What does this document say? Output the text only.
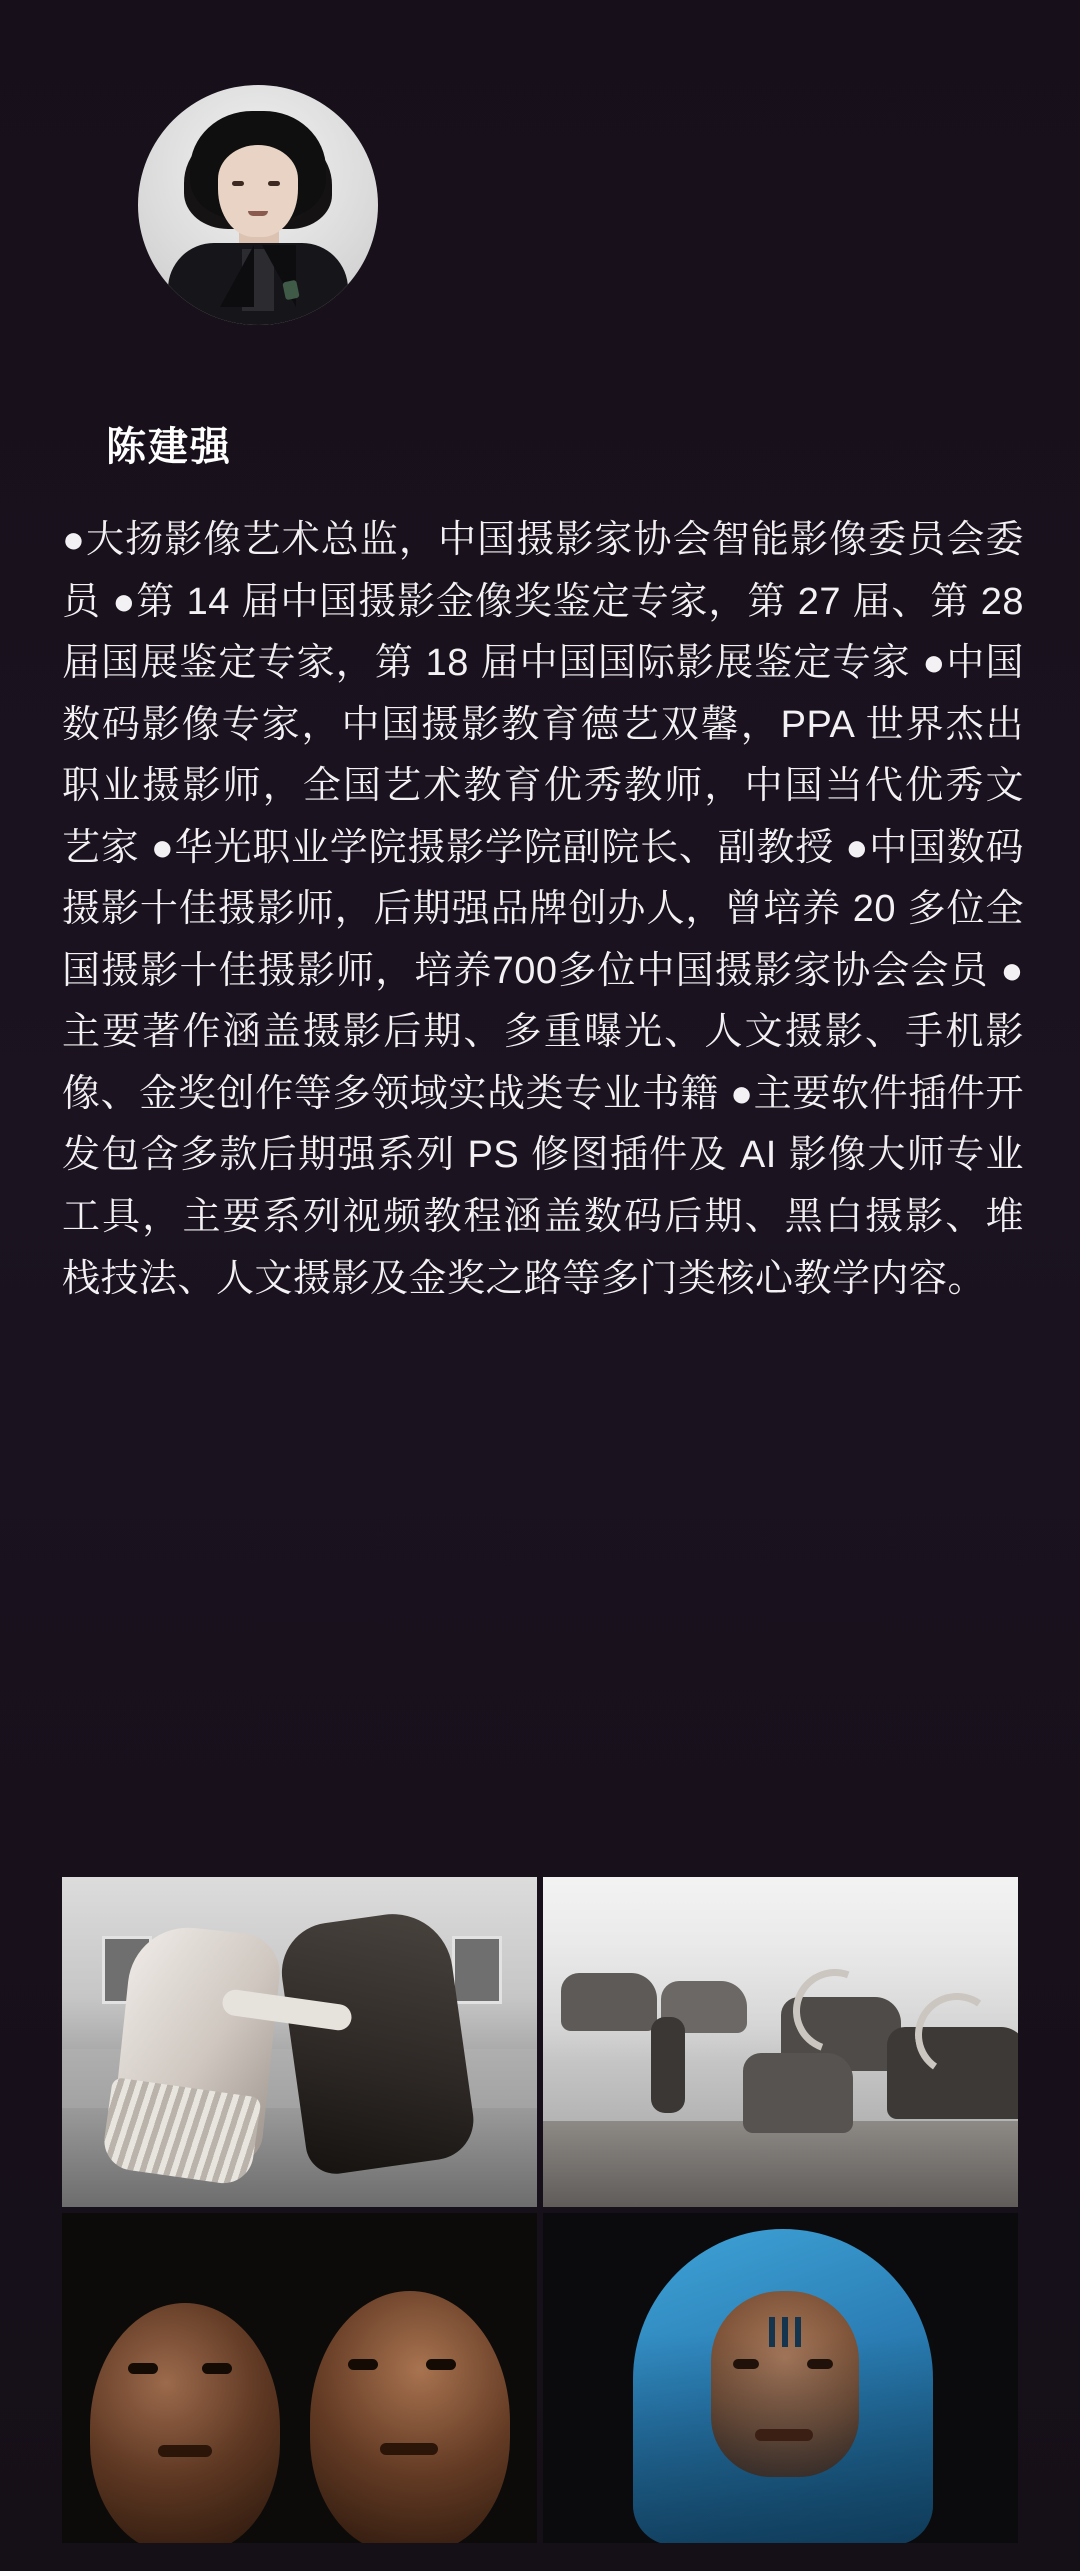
陈建强

●大扬影像艺术总监，中国摄影家协会智能影像委员会委员 ●第 14 届中国摄影金像奖鉴定专家，第 27 届、第 28 届国展鉴定专家，第 18 届中国国际影展鉴定专家 ●中国数码影像专家，中国摄影教育德艺双馨，PPA 世界杰出职业摄影师，全国艺术教育优秀教师，中国当代优秀文艺家 ●华光职业学院摄影学院副院长、副教授 ●中国数码摄影十佳摄影师，后期强品牌创办人，曾培养 20 多位全国摄影十佳摄影师，培养700多位中国摄影家协会会员 ●主要著作涵盖摄影后期、多重曝光、人文摄影、手机影像、金奖创作等多领域实战类专业书籍 ●主要软件插件开发包含多款后期强系列 PS 修图插件及 AI 影像大师专业工具，主要系列视频教程涵盖数码后期、黑白摄影、堆栈技法、人文摄影及金奖之路等多门类核心教学内容。
